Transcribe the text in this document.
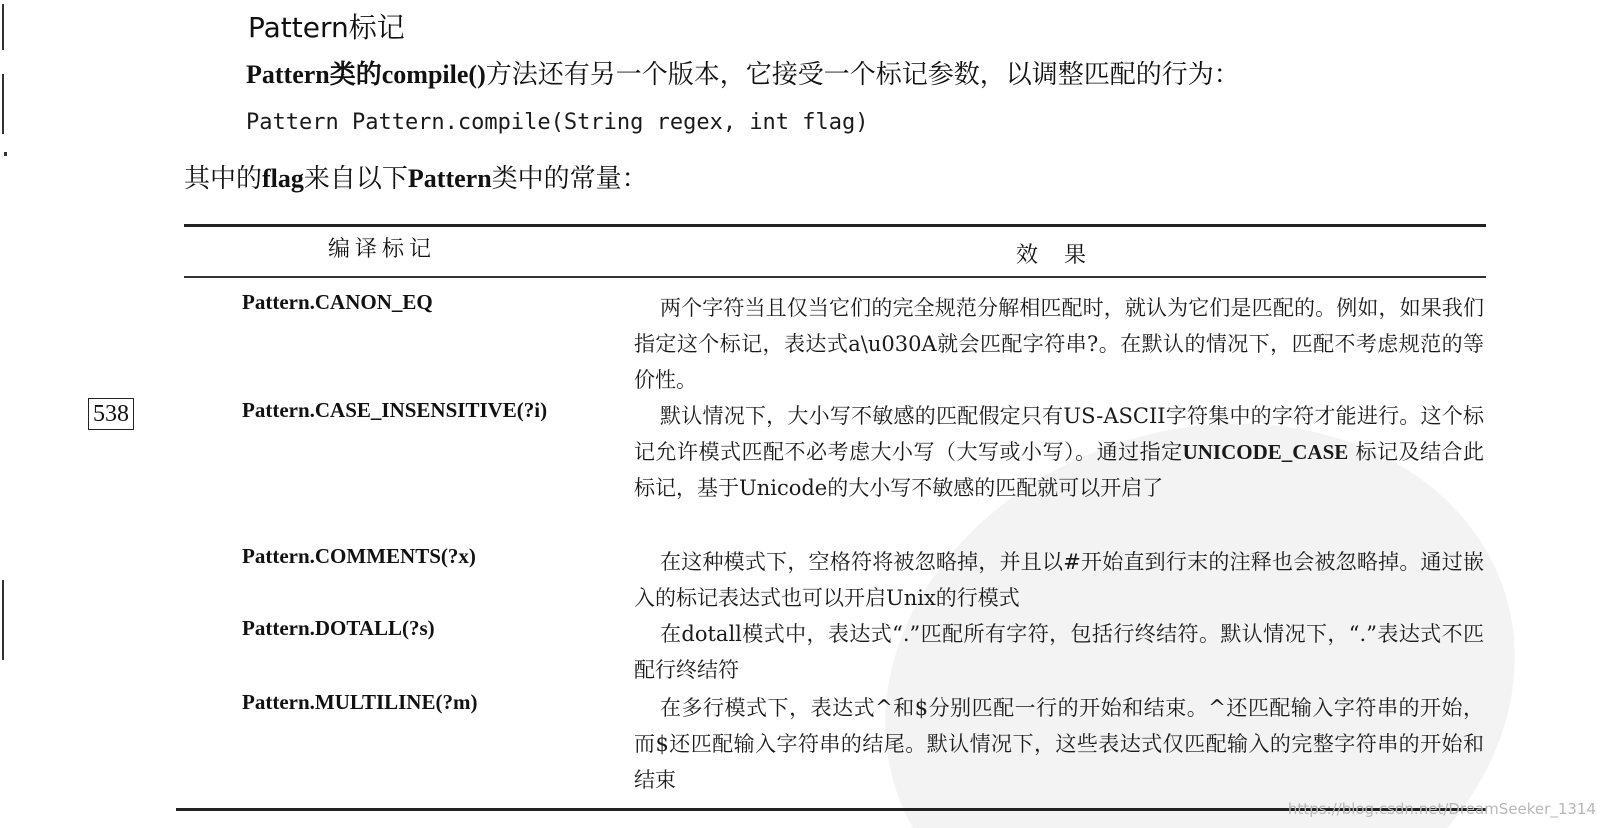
Pattern标记

Pattern类的compile()方法还有另一个版本，它接受一个标记参数，以调整匹配的行为：

Pattern Pattern.compile(String regex, int flag)

其中的flag来自以下Pattern类中的常量：

538
编译标记	效果
Pattern.CANON_EQ	两个字符当且仅当它们的完全规范分解相匹配时，就认为它们是匹配的。例如，如果我们指定这个标记，表达式a\u030A就会匹配字符串?。在默认的情况下，匹配不考虑规范的等价性。
Pattern.CASE_INSENSITIVE(?i)	默认情况下，大小写不敏感的匹配假定只有US-ASCII字符集中的字符才能进行。这个标记允许模式匹配不必考虑大小写（大写或小写）。通过指定UNICODE_CASE 标记及结合此标记，基于Unicode的大小写不敏感的匹配就可以开启了
Pattern.COMMENTS(?x)	在这种模式下，空格符将被忽略掉，并且以#开始直到行末的注释也会被忽略掉。通过嵌入的标记表达式也可以开启Unix的行模式
Pattern.DOTALL(?s)	在dotall模式中，表达式“.”匹配所有字符，包括行终结符。默认情况下，“.”表达式不匹配行终结符
Pattern.MULTILINE(?m)	在多行模式下，表达式^和$分别匹配一行的开始和结束。^还匹配输入字符串的开始，而$还匹配输入字符串的结尾。默认情况下，这些表达式仅匹配输入的完整字符串的开始和结束
https://blog.csdn.net/DreamSeeker_1314
